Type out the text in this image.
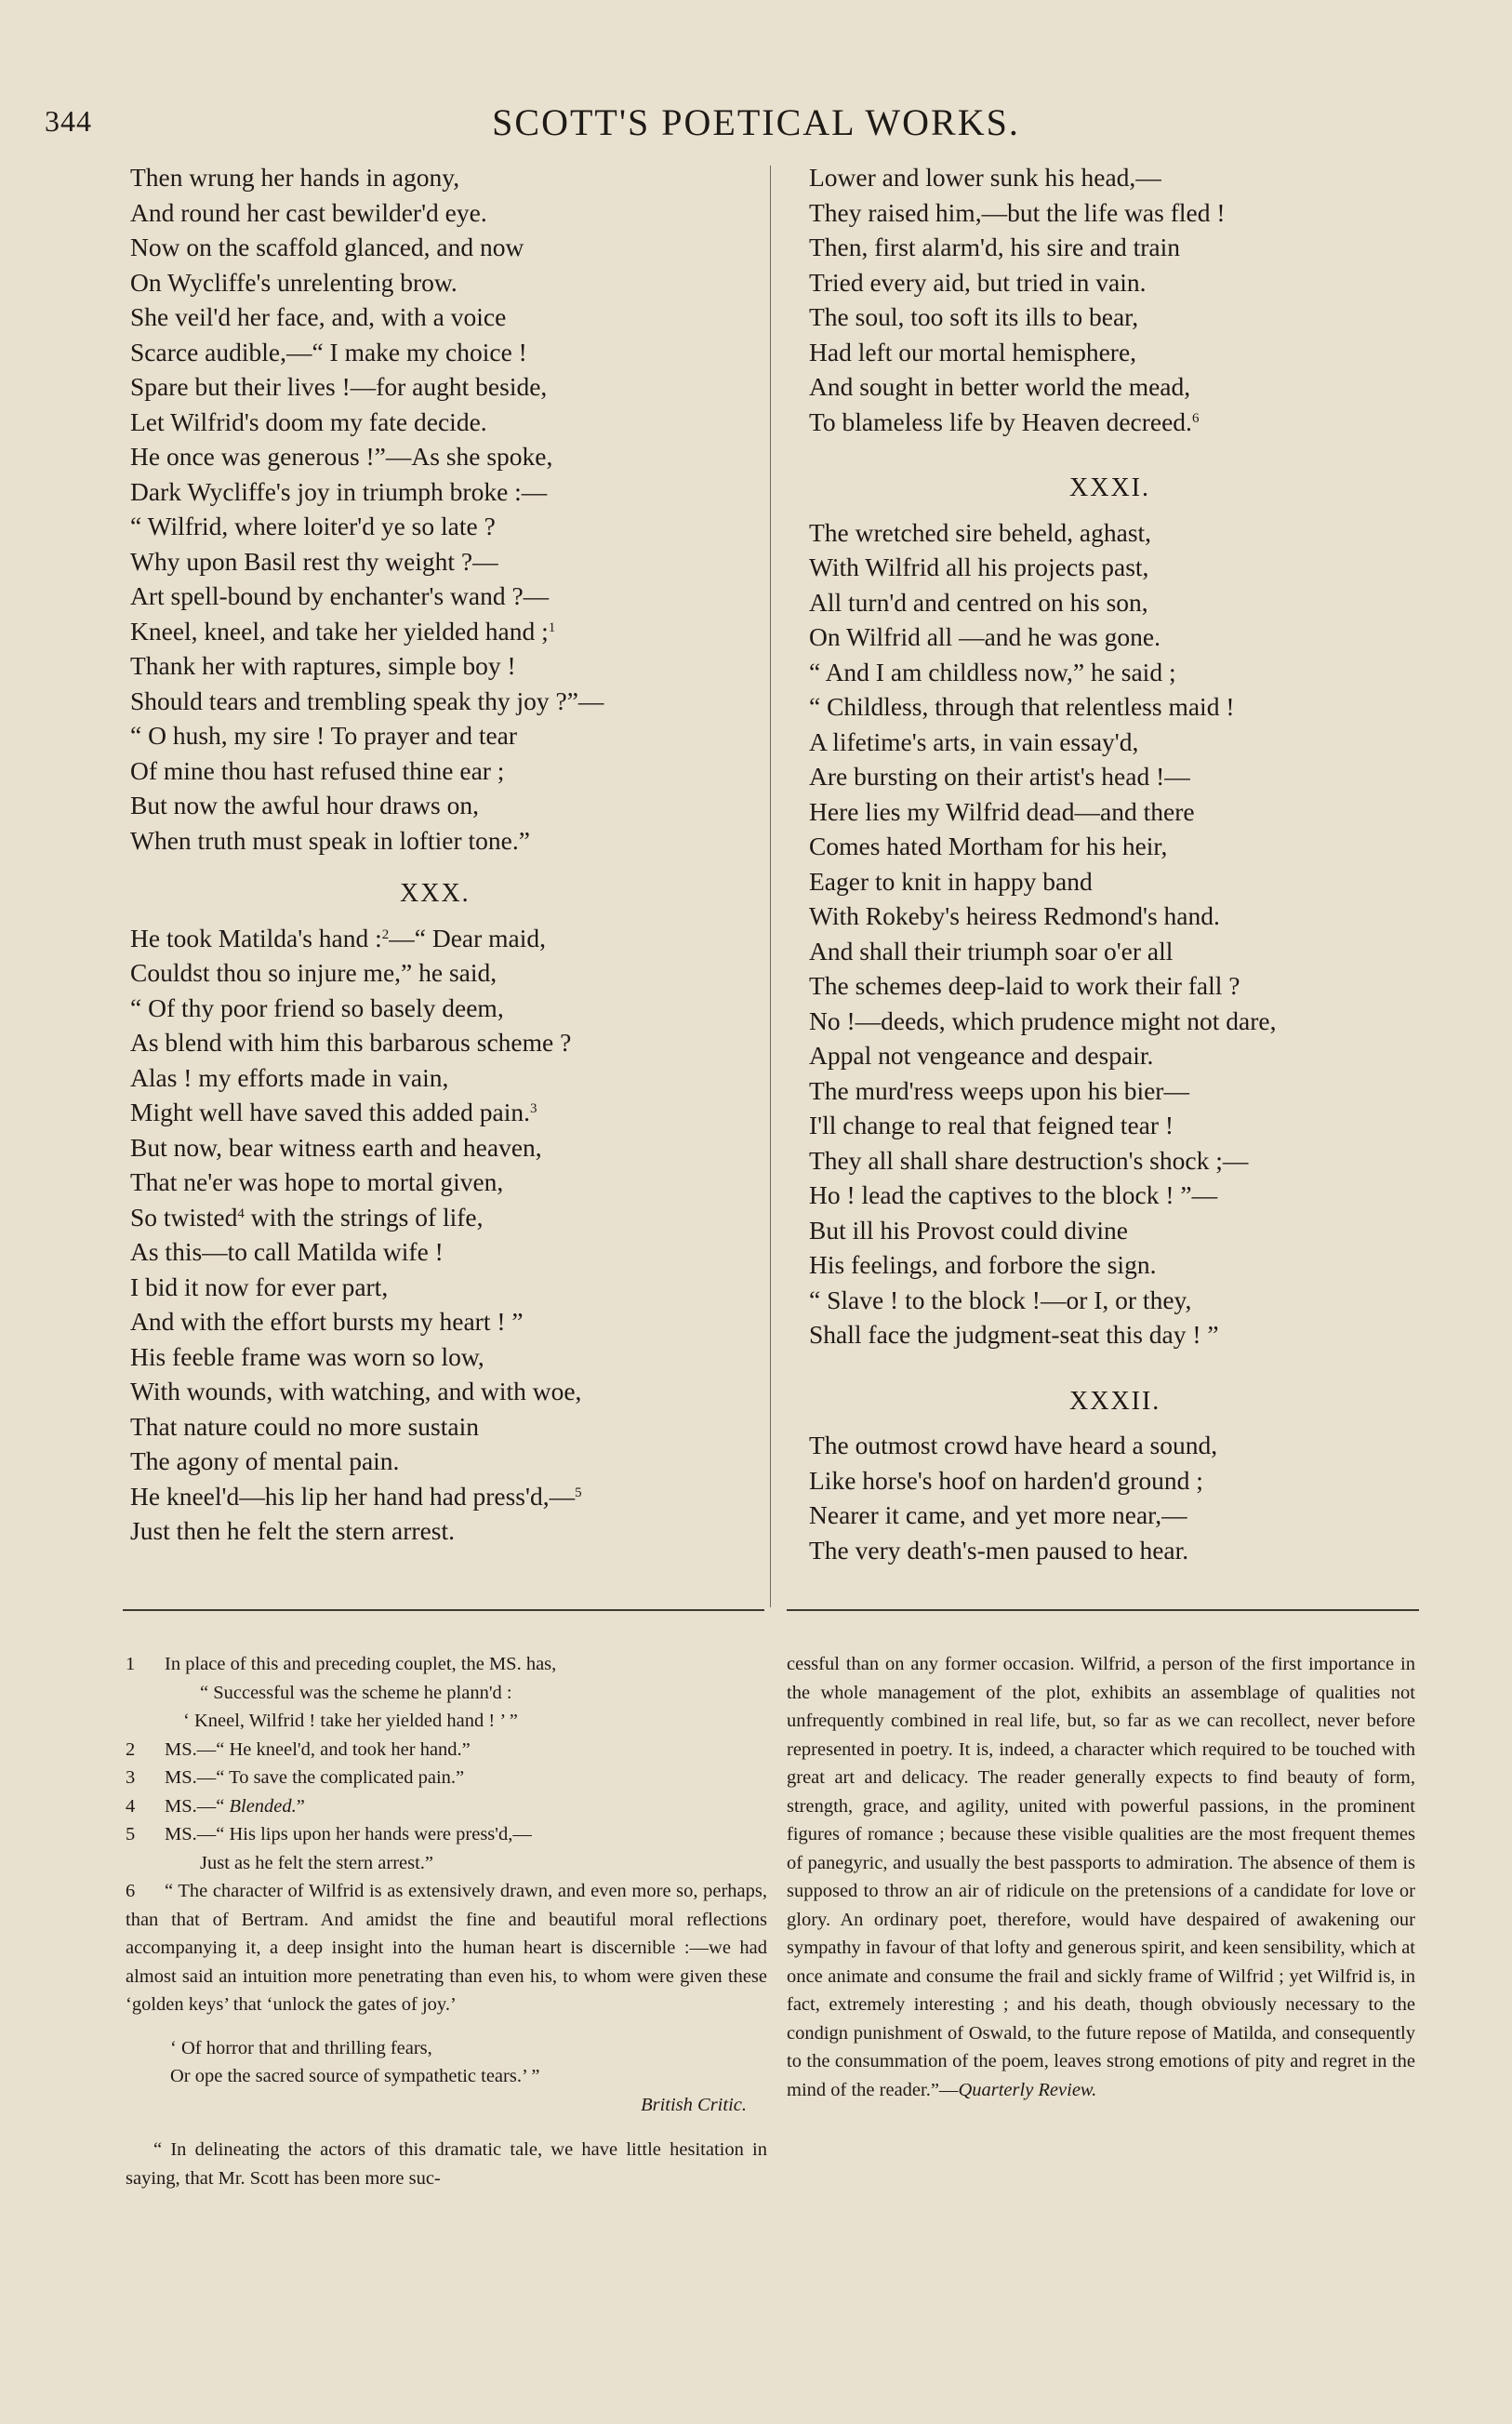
344	SCOTT'S POETICAL WORKS.
Then wrung her hands in agony,
And round her cast bewilder'd eye.
Now on the scaffold glanced, and now
On Wycliffe's unrelenting brow.
She veil'd her face, and, with a voice
Scarce audible,—“ I make my choice !
Spare but their lives !—for aught beside,
Let Wilfrid's doom my fate decide.
He once was generous !”—As she spoke,
Dark Wycliffe's joy in triumph broke :—
“ Wilfrid, where loiter'd ye so late ?
Why upon Basil rest thy weight ?—
Art spell-bound by enchanter's wand ?—
Kneel, kneel, and take her yielded hand ;$^1$
Thank her with raptures, simple boy !
Should tears and trembling speak thy joy ?”—
“ O hush, my sire ! To prayer and tear
Of mine thou hast refused thine ear ;
But now the awful hour draws on,
When truth must speak in loftier tone.”
XXX.
He took Matilda's hand :$^2$—“ Dear maid,
Couldst thou so injure me,” he said,
“ Of thy poor friend so basely deem,
As blend with him this barbarous scheme ?
Alas ! my efforts made in vain,
Might well have saved this added pain.$^3$
But now, bear witness earth and heaven,
That ne'er was hope to mortal given,
So twisted$^4$ with the strings of life,
As this—to call Matilda wife !
I bid it now for ever part,
And with the effort bursts my heart ! ”
His feeble frame was worn so low,
With wounds, with watching, and with woe,
That nature could no more sustain
The agony of mental pain.
He kneel'd—his lip her hand had press'd,—$^5$
Just then he felt the stern arrest.
Lower and lower sunk his head,—
They raised him,—but the life was fled !
Then, first alarm'd, his sire and train
Tried every aid, but tried in vain.
The soul, too soft its ills to bear,
Had left our mortal hemisphere,
And sought in better world the mead,
To blameless life by Heaven decreed.$^6$
XXXI.
The wretched sire beheld, aghast,
With Wilfrid all his projects past,
All turn'd and centred on his son,
On Wilfrid all —and he was gone.
“ And I am childless now,” he said ;
“ Childless, through that relentless maid !
A lifetime's arts, in vain essay'd,
Are bursting on their artist's head !—
Here lies my Wilfrid dead—and there
Comes hated Mortham for his heir,
Eager to knit in happy band
With Rokeby's heiress Redmond's hand.
And shall their triumph soar o'er all
The schemes deep-laid to work their fall ?
No !—deeds, which prudence might not dare,
Appal not vengeance and despair.
The murd'ress weeps upon his bier—
I'll change to real that feigned tear !
They all shall share destruction's shock ;—
Ho ! lead the captives to the block ! ”—
But ill his Provost could divine
His feelings, and forbore the sign.
“ Slave ! to the block !—or I, or they,
Shall face the judgment-seat this day ! ”
XXXII.
The outmost crowd have heard a sound,
Like horse's hoof on harden'd ground ;
Nearer it came, and yet more near,—
The very death's-men paused to hear.
1 In place of this and preceding couplet, the MS. has,
“ Successful was the scheme he plann'd :
‘ Kneel, Wilfrid ! take her yielded hand ! ’ ”
2 MS.—“ He kneel'd, and took her hand.”
3 MS.—“ To save the complicated pain.”
4 MS.—“ Blended.”
5 MS.—“ His lips upon her hands were press'd,—
Just as he felt the stern arrest.”
6 “ The character of Wilfrid is as extensively drawn, and even more so, perhaps, than that of Bertram. And amidst the fine and beautiful moral reflections accompanying it, a deep insight into the human heart is discernible :—we had almost said an intuition more penetrating than even his, to whom were given these ‘golden keys’ that ‘unlock the gates of joy.’
‘ Of horror that and thrilling fears,
Or ope the sacred source of sympathetic tears.’ ”
British Critic.
“ In delineating the actors of this dramatic tale, we have little hesitation in saying, that Mr. Scott has been more suc-
cessful than on any former occasion. Wilfrid, a person of the first importance in the whole management of the plot, exhibits an assemblage of qualities not unfrequently combined in real life, but, so far as we can recollect, never before represented in poetry. It is, indeed, a character which required to be touched with great art and delicacy. The reader generally expects to find beauty of form, strength, grace, and agility, united with powerful passions, in the prominent figures of romance ; because these visible qualities are the most frequent themes of panegyric, and usually the best passports to admiration. The absence of them is supposed to throw an air of ridicule on the pretensions of a candidate for love or glory. An ordinary poet, therefore, would have despaired of awakening our sympathy in favour of that lofty and generous spirit, and keen sensibility, which at once animate and consume the frail and sickly frame of Wilfrid ; yet Wilfrid is, in fact, extremely interesting ; and his death, though obviously necessary to the condign punishment of Oswald, to the future repose of Matilda, and consequently to the consummation of the poem, leaves strong emotions of pity and regret in the mind of the reader.”—Quarterly Review.
